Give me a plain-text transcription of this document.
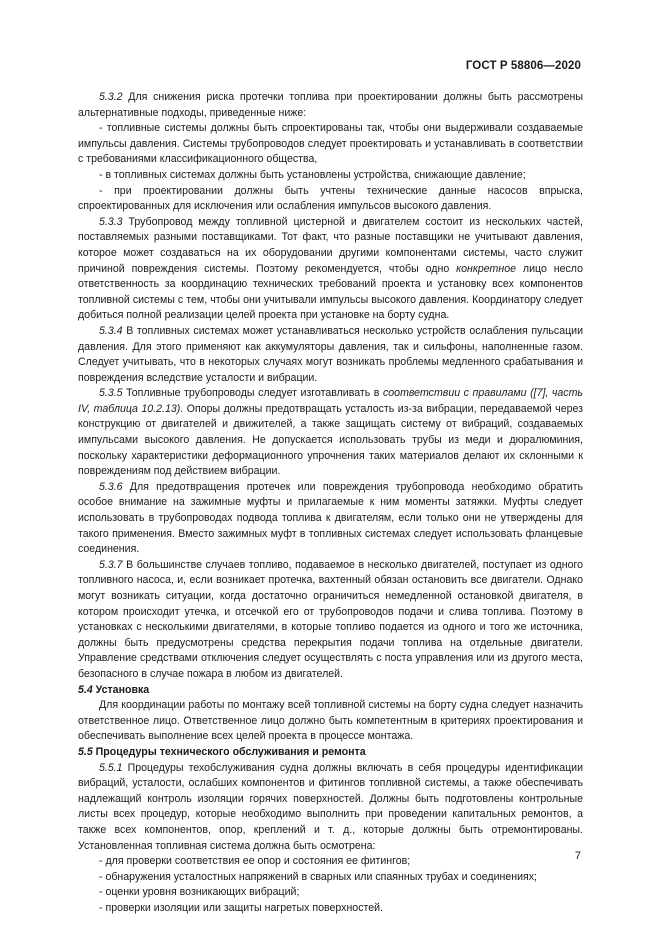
ГОСТ Р 58806—2020

5.3.2 Для снижения риска протечки топлива при проектировании должны быть рассмотрены альтернативные подходы, приведенные ниже:

- топливные системы должны быть спроектированы так, чтобы они выдерживали создаваемые импульсы давления. Системы трубопроводов следует проектировать и устанавливать в соответствии с требованиями классификационного общества,

- в топливных системах должны быть установлены устройства, снижающие давление;

- при проектировании должны быть учтены технические данные насосов впрыска, спроектированных для исключения или ослабления импульсов высокого давления.

5.3.3 Трубопровод между топливной цистерной и двигателем состоит из нескольких частей, поставляемых разными поставщиками. Тот факт, что разные поставщики не учитывают давления, которое может создаваться на их оборудовании другими компонентами системы, часто служит причиной повреждения системы. Поэтому рекомендуется, чтобы одно конкретное лицо несло ответственность за координацию технических требований проекта и установку всех компонентов топливной системы с тем, чтобы они учитывали импульсы высокого давления. Координатору следует добиться полной реализации целей проекта при установке на борту судна.

5.3.4 В топливных системах может устанавливаться несколько устройств ослабления пульсации давления. Для этого применяют как аккумуляторы давления, так и сильфоны, наполненные газом. Следует учитывать, что в некоторых случаях могут возникать проблемы медленного срабатывания и повреждения вследствие усталости и вибрации.

5.3.5 Топливные трубопроводы следует изготавливать в соответствии с правилами ([7], часть IV, таблица 10.2.13). Опоры должны предотвращать усталость из-за вибрации, передаваемой через конструкцию от двигателей и движителей, а также защищать систему от вибраций, создаваемых импульсами высокого давления. Не допускается использовать трубы из меди и дюралюминия, поскольку характеристики деформационного упрочнения таких материалов делают их склонными к повреждениям под действием вибрации.

5.3.6 Для предотвращения протечек или повреждения трубопровода необходимо обратить особое внимание на зажимные муфты и прилагаемые к ним моменты затяжки. Муфты следует использовать в трубопроводах подвода топлива к двигателям, если только они не утверждены для такого применения. Вместо зажимных муфт в топливных системах следует использовать фланцевые соединения.

5.3.7 В большинстве случаев топливо, подаваемое в несколько двигателей, поступает из одного топливного насоса, и, если возникает протечка, вахтенный обязан остановить все двигатели. Однако могут возникать ситуации, когда достаточно ограничиться немедленной остановкой двигателя, в котором происходит утечка, и отсечкой его от трубопроводов подачи и слива топлива. Поэтому в установках с несколькими двигателями, в которые топливо подается из одного и того же источника, должны быть предусмотрены средства перекрытия подачи топлива на отдельные двигатели. Управление средствами отключения следует осуществлять с поста управления или из другого места, безопасного в случае пожара в любом из двигателей.

5.4 Установка

Для координации работы по монтажу всей топливной системы на борту судна следует назначить ответственное лицо. Ответственное лицо должно быть компетентным в критериях проектирования и обеспечивать выполнение всех целей проекта в процессе монтажа.

5.5 Процедуры технического обслуживания и ремонта

5.5.1 Процедуры техобслуживания судна должны включать в себя процедуры идентификации вибраций, усталости, ослабших компонентов и фитингов топливной системы, а также обеспечивать надлежащий контроль изоляции горячих поверхностей. Должны быть подготовлены контрольные листы всех процедур, которые необходимо выполнить при проведении капитальных ремонтов, а также всех компонентов, опор, креплений и т. д., которые должны быть отремонтированы. Установленная топливная система должна быть осмотрена:

- для проверки соответствия ее опор и состояния ее фитингов;

- обнаружения усталостных напряжений в сварных или спаянных трубах и соединениях;

- оценки уровня возникающих вибраций;

- проверки изоляции или защиты нагретых поверхностей.

7
